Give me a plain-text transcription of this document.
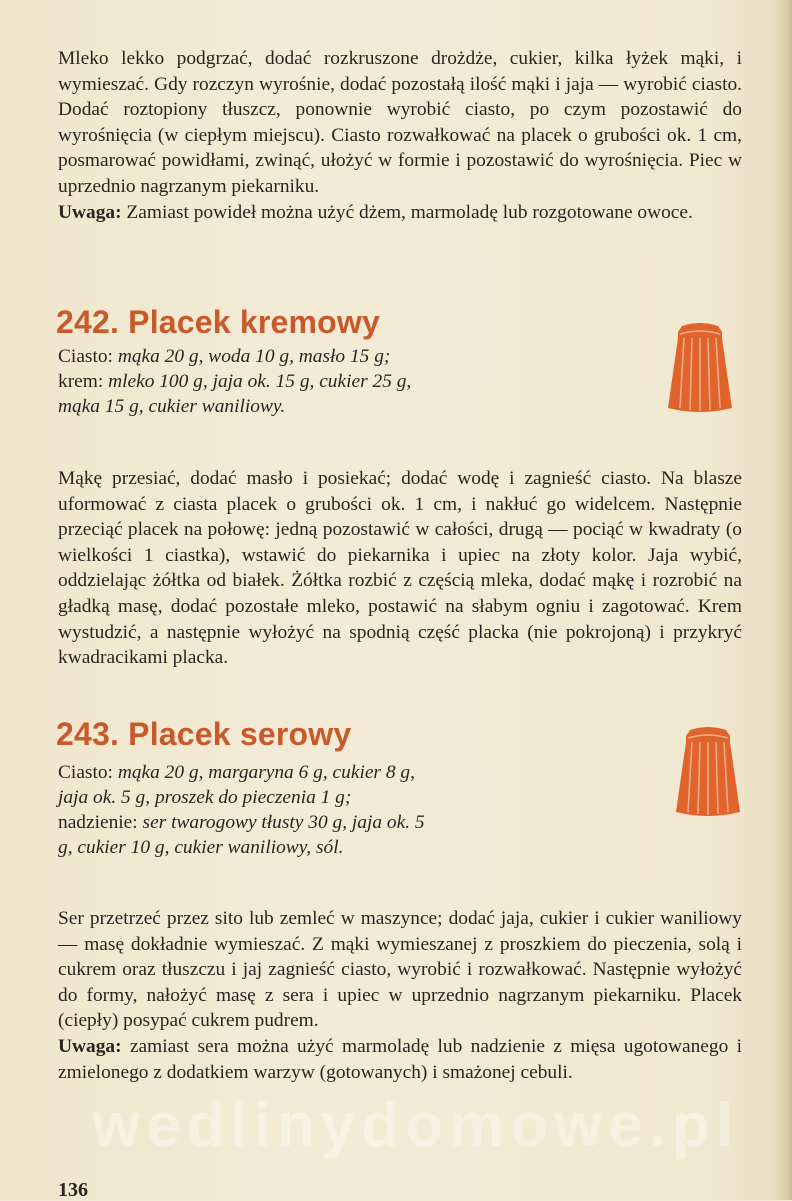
Mleko lekko podgrzać, dodać rozkruszone drożdże, cukier, kilka łyżek mąki, i wymieszać. Gdy rozczyn wyrośnie, dodać pozostałą ilość mąki i jaja — wyrobić ciasto. Dodać roztopiony tłuszcz, ponownie wyrobić ciasto, po czym pozostawić do wyrośnięcia (w ciepłym miejscu). Ciasto rozwałkować na placek o grubości ok. 1 cm, posmarować powidłami, zwinąć, ułożyć w formie i pozostawić do wyrośnięcia. Piec w uprzednio nagrzanym piekarniku.

Uwaga: Zamiast powideł można użyć dżem, marmoladę lub rozgotowane owoce.

242. Placek kremowy
Ciasto: mąka 20 g, woda 10 g, masło 15 g;
krem: mleko 100 g, jaja ok. 15 g, cukier 25 g, mąka 15 g, cukier waniliowy.
Mąkę przesiać, dodać masło i posiekać; dodać wodę i zagnieść ciasto. Na blasze uformować z ciasta placek o grubości ok. 1 cm, i nakłuć go widelcem. Następnie przeciąć placek na połowę: jedną pozostawić w całości, drugą — pociąć w kwadraty (o wielkości 1 ciastka), wstawić do piekarnika i upiec na złoty kolor. Jaja wybić, oddzielając żółtka od białek. Żółtka rozbić z częścią mleka, dodać mąkę i rozrobić na gładką masę, dodać pozostałe mleko, postawić na słabym ogniu i zagotować. Krem wystudzić, a następnie wyłożyć na spodnią część placka (nie pokrojoną) i przykryć kwadracikami placka.
243. Placek serowy
Ciasto: mąka 20 g, margaryna 6 g, cukier 8 g, jaja ok. 5 g, proszek do pieczenia 1 g;
nadzienie: ser twarogowy tłusty 30 g, jaja ok. 5 g, cukier 10 g, cukier waniliowy, sól.

Ser przetrzeć przez sito lub zemleć w maszynce; dodać jaja, cukier i cukier waniliowy — masę dokładnie wymieszać. Z mąki wymieszanej z proszkiem do pieczenia, solą i cukrem oraz tłuszczu i jaj zagnieść ciasto, wyrobić i rozwałkować. Następnie wyłożyć do formy, nałożyć masę z sera i upiec w uprzednio nagrzanym piekarniku. Placek (ciepły) posypać cukrem pudrem.

Uwaga: zamiast sera można użyć marmoladę lub nadzienie z mięsa ugotowanego i zmielonego z dodatkiem warzyw (gotowanych) i smażonej cebuli.

wedlinydomowe.pl
136
